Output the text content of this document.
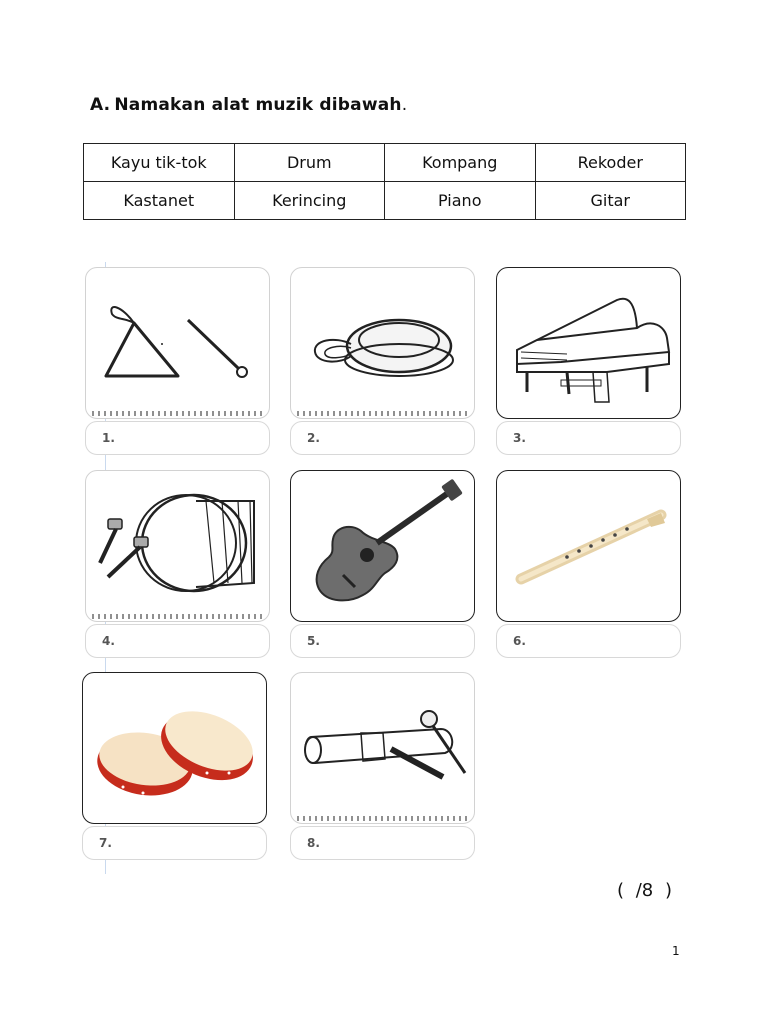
A. Namakan alat muzik dibawah.
Kayu tik-tok	Drum	Kompang	Rekoder
Kastanet	Kerincing	Piano	Gitar
1.	2.	3.
4.	5.	6.
7.	8.
( /8 )
1
